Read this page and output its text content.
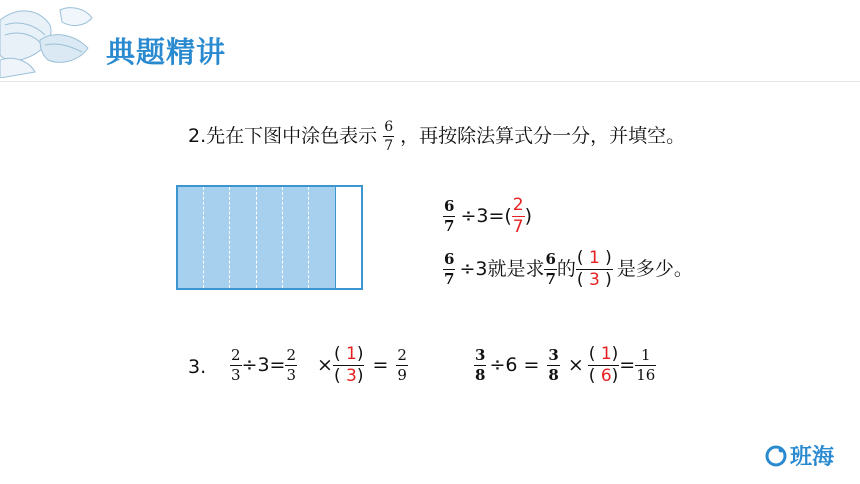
典题精讲
2.先在下图中涂色表示 $\frac{6}{7}$ ，再按除法算式分一分，并填空。
$\frac{6}{7} \div 3=( \frac{2}{7}$ )
$\frac{6}{7} \div 3$就是求 $\frac{6}{7}$ 的 $\frac{( 1 )}{( 3 )}$ 是多少。
3. $\frac{2}{3} \div 3= \frac{2}{3} \times \frac{( 1)}{( 3)} = \frac{2}{9}$	$\frac{3}{8} \div 6 = \frac{3}{8} \times \frac{( 1)}{( 6)} = \frac{1}{16}$
班海
